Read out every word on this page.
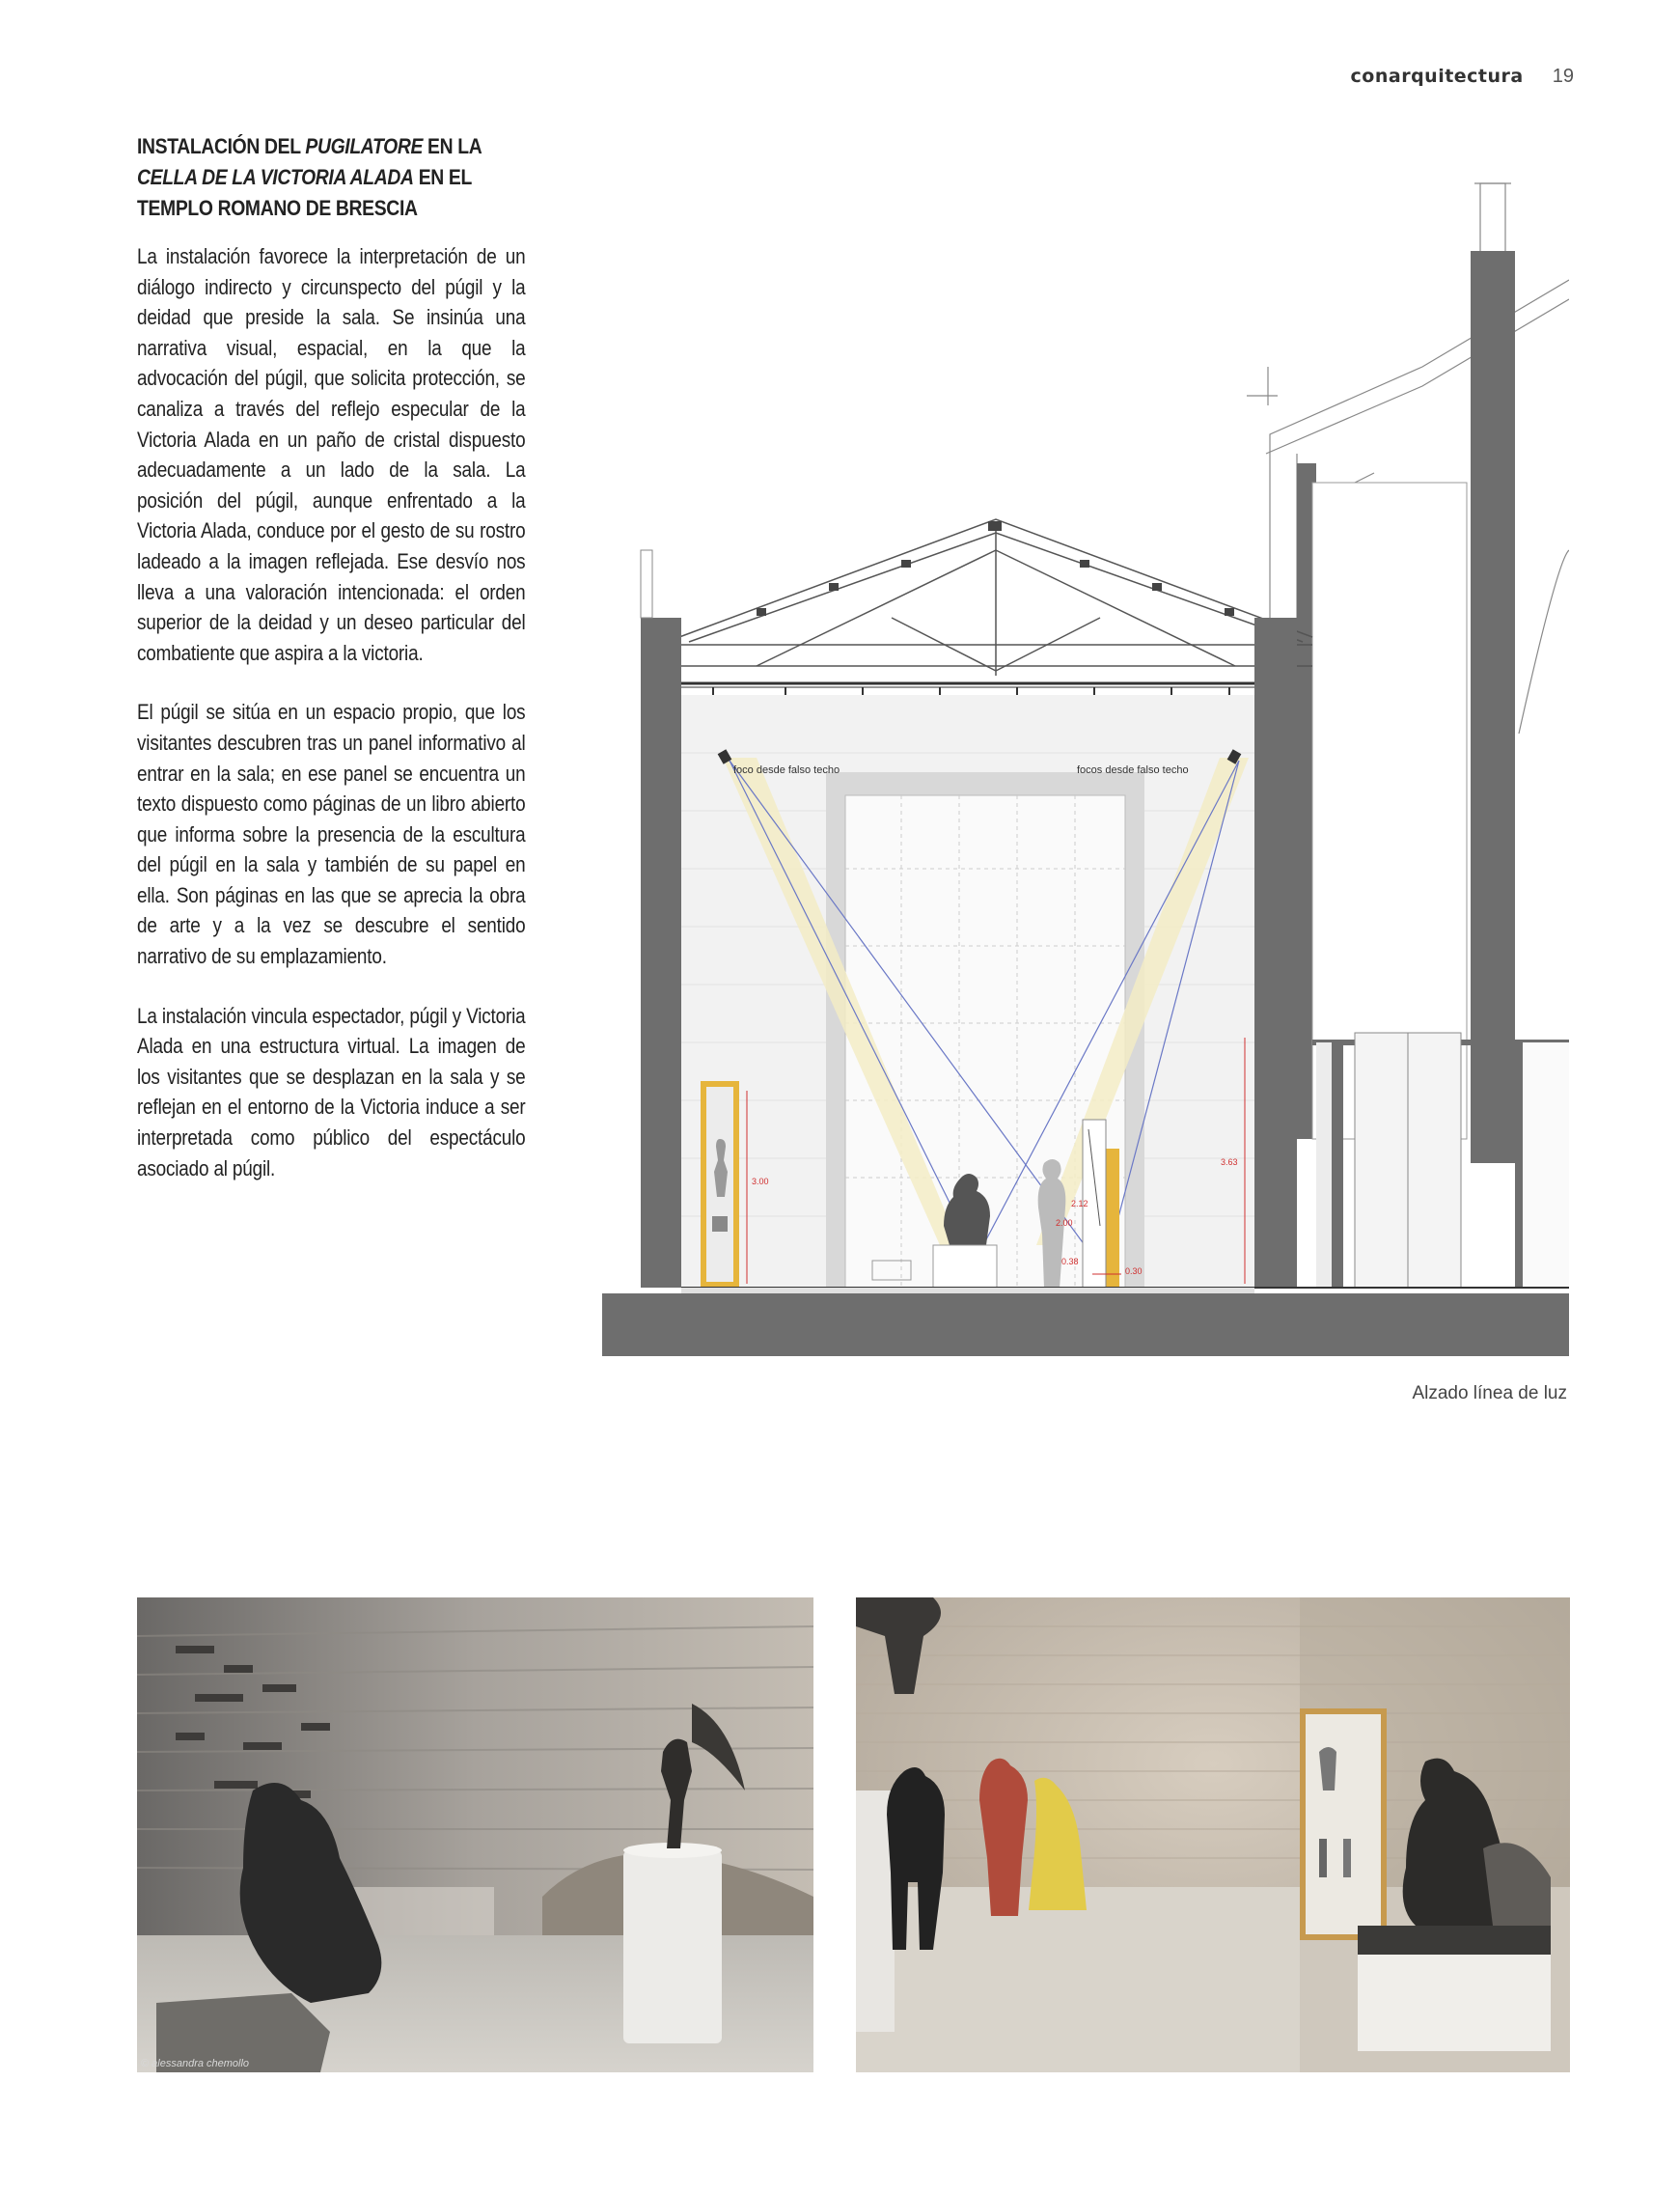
conarquitectura 19
INSTALACIÓN DEL PUGILATORE EN LA CELLA DE LA VICTORIA ALADA EN EL TEMPLO ROMANO DE BRESCIA

La instalación favorece la interpretación de un diálogo indirecto y circunspecto del púgil y la deidad que preside la sala. Se insinúa una narrativa visual, espacial, en la que la advocación del púgil, que solicita protección, se canaliza a través del reflejo especular de la Victoria Alada en un paño de cristal dispuesto adecuadamente a un lado de la sala. La posición del púgil, aunque enfrentado a la Victoria Alada, conduce por el gesto de su rostro ladeado a la imagen reflejada. Ese desvío nos lleva a una valoración intencionada: el orden superior de la deidad y un deseo particular del combatiente que aspira a la victoria.

El púgil se sitúa en un espacio propio, que los visitantes descubren tras un panel informativo al entrar en la sala; en ese panel se encuentra un texto dispuesto como páginas de un libro abierto que informa sobre la presencia de la escultura del púgil en la sala y también de su papel en ella. Son páginas en las que se aprecia la obra de arte y a la vez se descubre el sentido narrativo de su emplazamiento.

La instalación vincula espectador, púgil y Victoria Alada en una estructura virtual. La imagen de los visitantes que se desplazan en la sala y se reflejan en el entorno de la Victoria induce a ser interpretada como público del espectáculo asociado al púgil.

foco desde falso techo	focos desde falso techo
3.00
2.12
2.00
0.38
0.30
3.63
Alzado línea de luz
© alessandra chemollo
